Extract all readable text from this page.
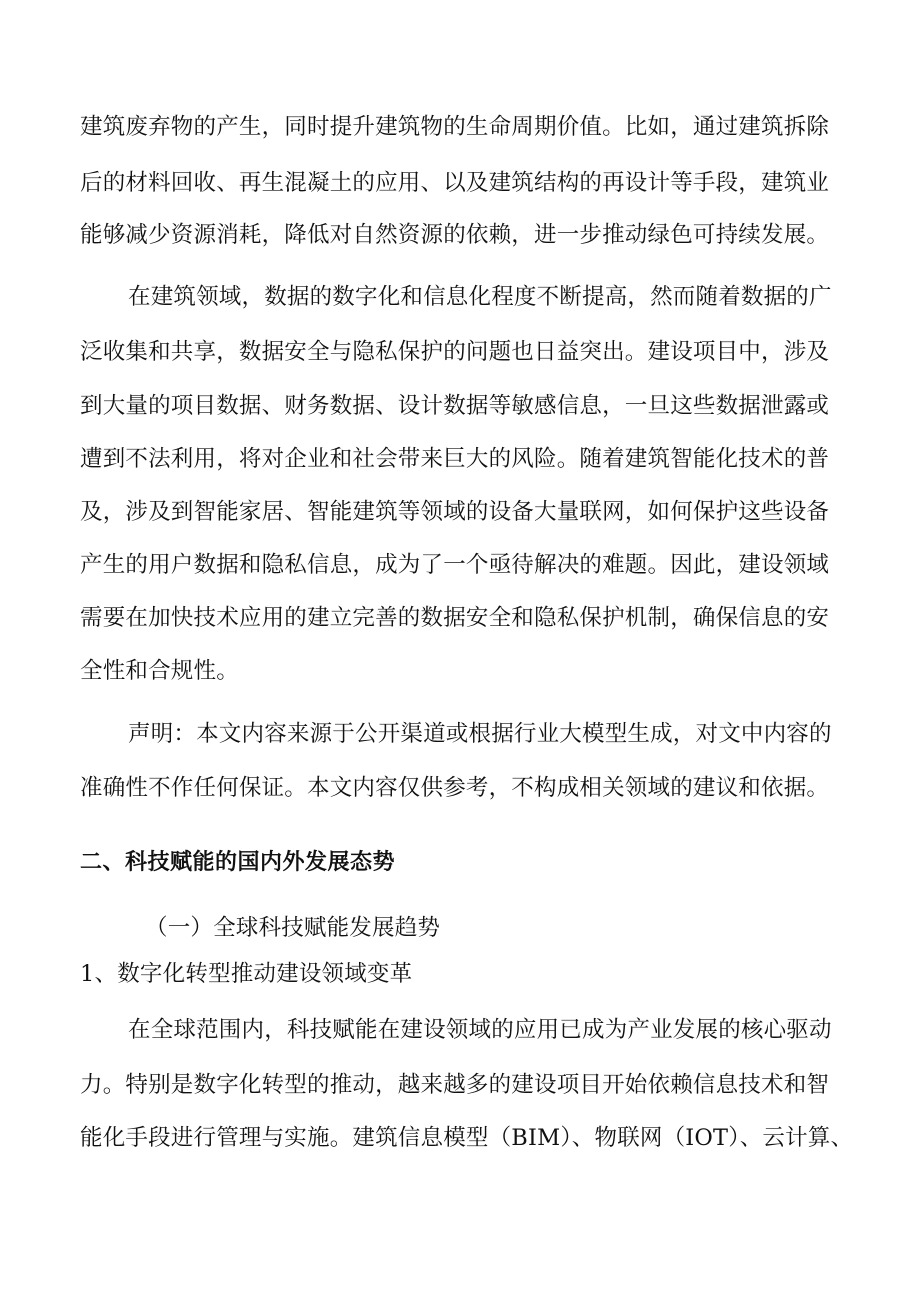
建筑废弃物的产生，同时提升建筑物的生命周期价值。比如，通过建筑拆除
后的材料回收、再生混凝土的应用、以及建筑结构的再设计等手段，建筑业
能够减少资源消耗，降低对自然资源的依赖，进一步推动绿色可持续发展。
在建筑领域，数据的数字化和信息化程度不断提高，然而随着数据的广
泛收集和共享，数据安全与隐私保护的问题也日益突出。建设项目中，涉及
到大量的项目数据、财务数据、设计数据等敏感信息，一旦这些数据泄露或
遭到不法利用，将对企业和社会带来巨大的风险。随着建筑智能化技术的普
及，涉及到智能家居、智能建筑等领域的设备大量联网，如何保护这些设备
产生的用户数据和隐私信息，成为了一个亟待解决的难题。因此，建设领域
需要在加快技术应用的建立完善的数据安全和隐私保护机制，确保信息的安
全性和合规性。
声明：本文内容来源于公开渠道或根据行业大模型生成，对文中内容的
准确性不作任何保证。本文内容仅供参考，不构成相关领域的建议和依据。
二、科技赋能的国内外发展态势
（一）全球科技赋能发展趋势
1、数字化转型推动建设领域变革
在全球范围内，科技赋能在建设领域的应用已成为产业发展的核心驱动
力。特别是数字化转型的推动，越来越多的建设项目开始依赖信息技术和智
能化手段进行管理与实施。建筑信息模型（BIM）、物联网（IOT）、云计算、
